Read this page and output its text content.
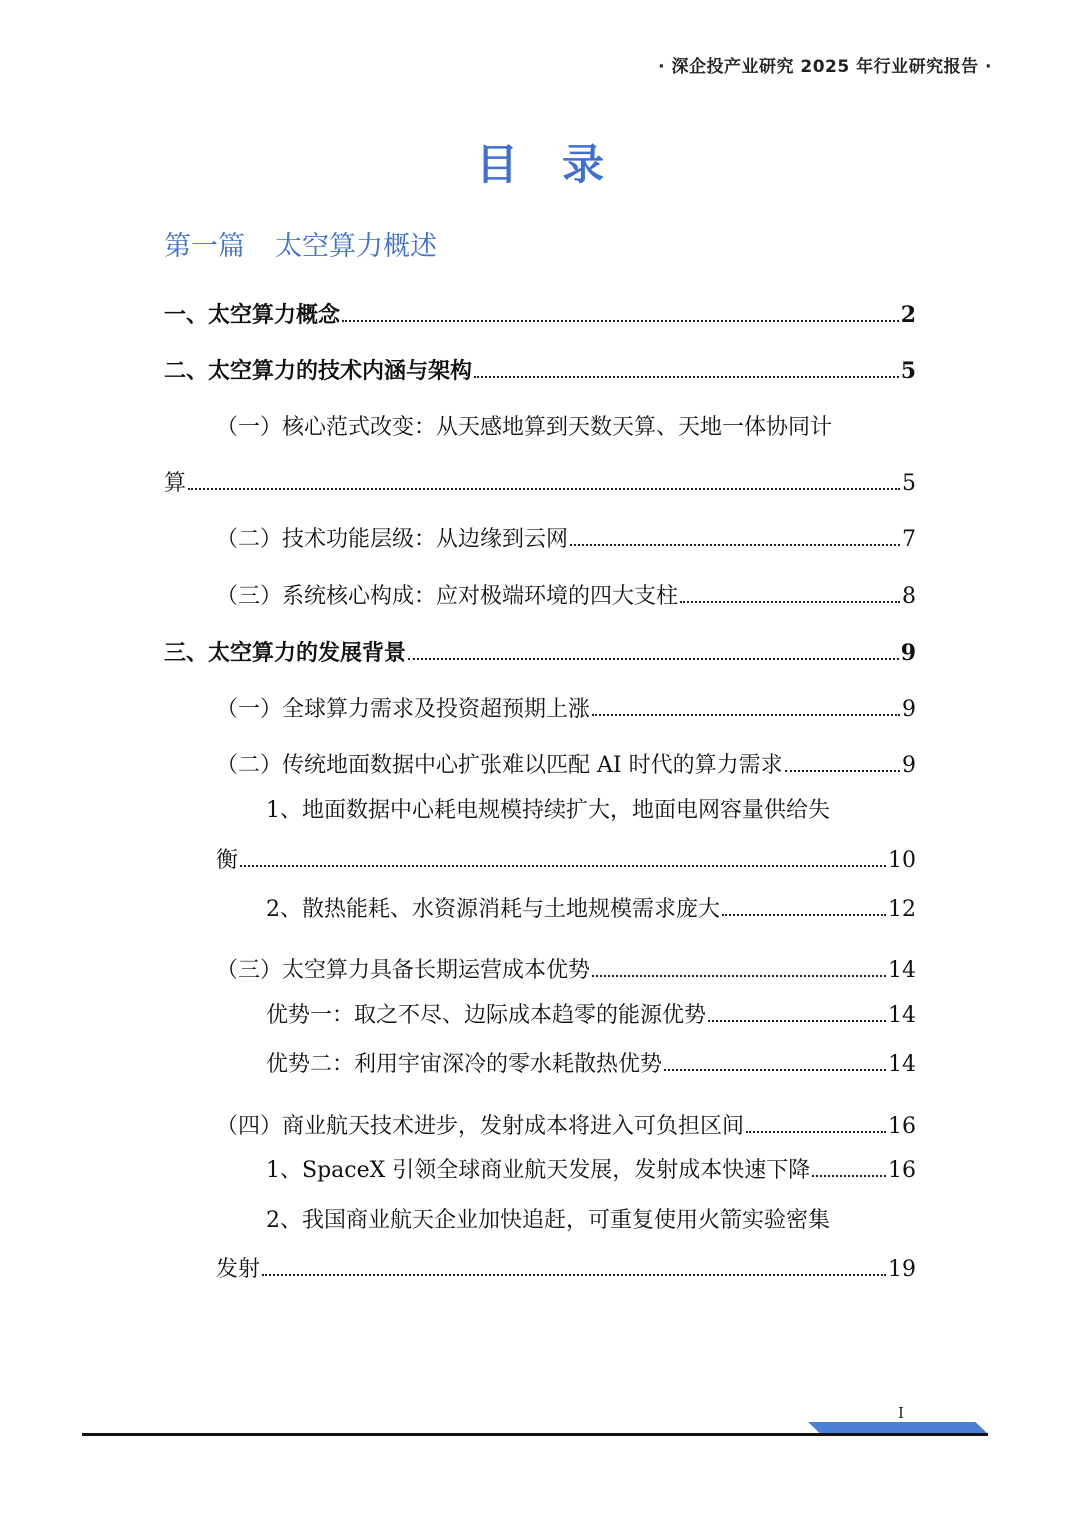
· 深企投产业研究 2025 年行业研究报告 ·
目录
第一篇 太空算力概述
一、太空算力概念	2
二、太空算力的技术内涵与架构	5
（一）核心范式改变：从天感地算到天数天算、天地一体协同计
算	5
（二）技术功能层级：从边缘到云网	7
（三）系统核心构成：应对极端环境的四大支柱	8
三、太空算力的发展背景	9
（一）全球算力需求及投资超预期上涨	9
（二）传统地面数据中心扩张难以匹配 AI 时代的算力需求	9
1、地面数据中心耗电规模持续扩大，地面电网容量供给失
衡	10
2、散热能耗、水资源消耗与土地规模需求庞大	12
（三）太空算力具备长期运营成本优势	14
优势一：取之不尽、边际成本趋零的能源优势	14
优势二：利用宇宙深冷的零水耗散热优势	14
（四）商业航天技术进步，发射成本将进入可负担区间	16
1、SpaceX 引领全球商业航天发展，发射成本快速下降	16
2、我国商业航天企业加快追赶，可重复使用火箭实验密集
发射	19
I
